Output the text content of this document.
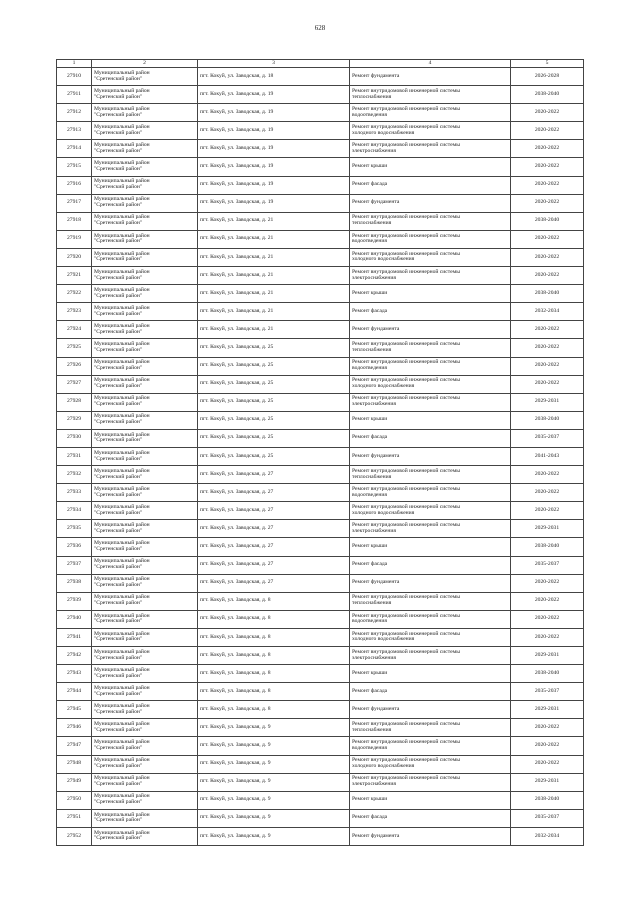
628
1	2	3	4	5
27910	Муниципальный район
"Сретенский район"	пгт. Кокуй, ул. Заводская, д. 18	Ремонт фундамента	2026-2028
27911	Муниципальный район
"Сретенский район"	пгт. Кокуй, ул. Заводская, д. 19	Ремонт внутридомовой инженерной системы
теплоснабжения	2038-2040
27912	Муниципальный район
"Сретенский район"	пгт. Кокуй, ул. Заводская, д. 19	Ремонт внутридомовой инженерной системы
водоотведения	2020-2022
27913	Муниципальный район
"Сретенский район"	пгт. Кокуй, ул. Заводская, д. 19	Ремонт внутридомовой инженерной системы
холодного водоснабжения	2020-2022
27914	Муниципальный район
"Сретенский район"	пгт. Кокуй, ул. Заводская, д. 19	Ремонт внутридомовой инженерной системы
электроснабжения	2020-2022
27915	Муниципальный район
"Сретенский район"	пгт. Кокуй, ул. Заводская, д. 19	Ремонт крыши	2020-2022
27916	Муниципальный район
"Сретенский район"	пгт. Кокуй, ул. Заводская, д. 19	Ремонт фасада	2020-2022
27917	Муниципальный район
"Сретенский район"	пгт. Кокуй, ул. Заводская, д. 19	Ремонт фундамента	2020-2022
27918	Муниципальный район
"Сретенский район"	пгт. Кокуй, ул. Заводская, д. 21	Ремонт внутридомовой инженерной системы
теплоснабжения	2038-2040
27919	Муниципальный район
"Сретенский район"	пгт. Кокуй, ул. Заводская, д. 21	Ремонт внутридомовой инженерной системы
водоотведения	2020-2022
27920	Муниципальный район
"Сретенский район"	пгт. Кокуй, ул. Заводская, д. 21	Ремонт внутридомовой инженерной системы
холодного водоснабжения	2020-2022
27921	Муниципальный район
"Сретенский район"	пгт. Кокуй, ул. Заводская, д. 21	Ремонт внутридомовой инженерной системы
электроснабжения	2020-2022
27922	Муниципальный район
"Сретенский район"	пгт. Кокуй, ул. Заводская, д. 21	Ремонт крыши	2038-2040
27923	Муниципальный район
"Сретенский район"	пгт. Кокуй, ул. Заводская, д. 21	Ремонт фасада	2032-2034
27924	Муниципальный район
"Сретенский район"	пгт. Кокуй, ул. Заводская, д. 21	Ремонт фундамента	2020-2022
27925	Муниципальный район
"Сретенский район"	пгт. Кокуй, ул. Заводская, д. 25	Ремонт внутридомовой инженерной системы
теплоснабжения	2020-2022
27926	Муниципальный район
"Сретенский район"	пгт. Кокуй, ул. Заводская, д. 25	Ремонт внутридомовой инженерной системы
водоотведения	2020-2022
27927	Муниципальный район
"Сретенский район"	пгт. Кокуй, ул. Заводская, д. 25	Ремонт внутридомовой инженерной системы
холодного водоснабжения	2020-2022
27928	Муниципальный район
"Сретенский район"	пгт. Кокуй, ул. Заводская, д. 25	Ремонт внутридомовой инженерной системы
электроснабжения	2029-2031
27929	Муниципальный район
"Сретенский район"	пгт. Кокуй, ул. Заводская, д. 25	Ремонт крыши	2038-2040
27930	Муниципальный район
"Сретенский район"	пгт. Кокуй, ул. Заводская, д. 25	Ремонт фасада	2035-2037
27931	Муниципальный район
"Сретенский район"	пгт. Кокуй, ул. Заводская, д. 25	Ремонт фундамента	2041-2043
27932	Муниципальный район
"Сретенский район"	пгт. Кокуй, ул. Заводская, д. 27	Ремонт внутридомовой инженерной системы
теплоснабжения	2020-2022
27933	Муниципальный район
"Сретенский район"	пгт. Кокуй, ул. Заводская, д. 27	Ремонт внутридомовой инженерной системы
водоотведения	2020-2022
27934	Муниципальный район
"Сретенский район"	пгт. Кокуй, ул. Заводская, д. 27	Ремонт внутридомовой инженерной системы
холодного водоснабжения	2020-2022
27935	Муниципальный район
"Сретенский район"	пгт. Кокуй, ул. Заводская, д. 27	Ремонт внутридомовой инженерной системы
электроснабжения	2029-2031
27936	Муниципальный район
"Сретенский район"	пгт. Кокуй, ул. Заводская, д. 27	Ремонт крыши	2038-2040
27937	Муниципальный район
"Сретенский район"	пгт. Кокуй, ул. Заводская, д. 27	Ремонт фасада	2035-2037
27938	Муниципальный район
"Сретенский район"	пгт. Кокуй, ул. Заводская, д. 27	Ремонт фундамента	2020-2022
27939	Муниципальный район
"Сретенский район"	пгт. Кокуй, ул. Заводская, д. 8	Ремонт внутридомовой инженерной системы
теплоснабжения	2020-2022
27940	Муниципальный район
"Сретенский район"	пгт. Кокуй, ул. Заводская, д. 8	Ремонт внутридомовой инженерной системы
водоотведения	2020-2022
27941	Муниципальный район
"Сретенский район"	пгт. Кокуй, ул. Заводская, д. 8	Ремонт внутридомовой инженерной системы
холодного водоснабжения	2020-2022
27942	Муниципальный район
"Сретенский район"	пгт. Кокуй, ул. Заводская, д. 8	Ремонт внутридомовой инженерной системы
электроснабжения	2029-2031
27943	Муниципальный район
"Сретенский район"	пгт. Кокуй, ул. Заводская, д. 8	Ремонт крыши	2038-2040
27944	Муниципальный район
"Сретенский район"	пгт. Кокуй, ул. Заводская, д. 8	Ремонт фасада	2035-2037
27945	Муниципальный район
"Сретенский район"	пгт. Кокуй, ул. Заводская, д. 8	Ремонт фундамента	2029-2031
27946	Муниципальный район
"Сретенский район"	пгт. Кокуй, ул. Заводская, д. 9	Ремонт внутридомовой инженерной системы
теплоснабжения	2020-2022
27947	Муниципальный район
"Сретенский район"	пгт. Кокуй, ул. Заводская, д. 9	Ремонт внутридомовой инженерной системы
водоотведения	2020-2022
27948	Муниципальный район
"Сретенский район"	пгт. Кокуй, ул. Заводская, д. 9	Ремонт внутридомовой инженерной системы
холодного водоснабжения	2020-2022
27949	Муниципальный район
"Сретенский район"	пгт. Кокуй, ул. Заводская, д. 9	Ремонт внутридомовой инженерной системы
электроснабжения	2029-2031
27950	Муниципальный район
"Сретенский район"	пгт. Кокуй, ул. Заводская, д. 9	Ремонт крыши	2038-2040
27951	Муниципальный район
"Сретенский район"	пгт. Кокуй, ул. Заводская, д. 9	Ремонт фасада	2035-2037
27952	Муниципальный район
"Сретенский район"	пгт. Кокуй, ул. Заводская, д. 9	Ремонт фундамента	2032-2034
